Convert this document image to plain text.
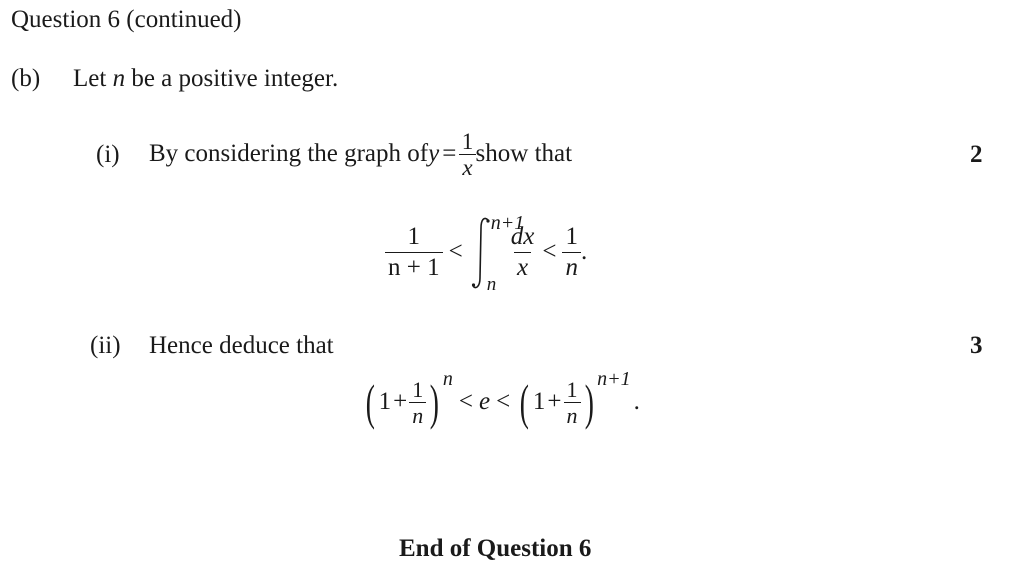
Question 6 (continued)
(b) Let n be a positive integer.
(i) By considering the graph of $y = \frac{1}{x}$ show that	2
$\frac{1}{n + 1}$ <
n+1
n
$\frac{dx}{x} < \frac{1}{n}$ .
(ii) Hence deduce that	3
( $1 + \frac{1}{n}$ ) n
< e < ( $1 + \frac{1}{n}$ ) n+1
.
End of Question 6
